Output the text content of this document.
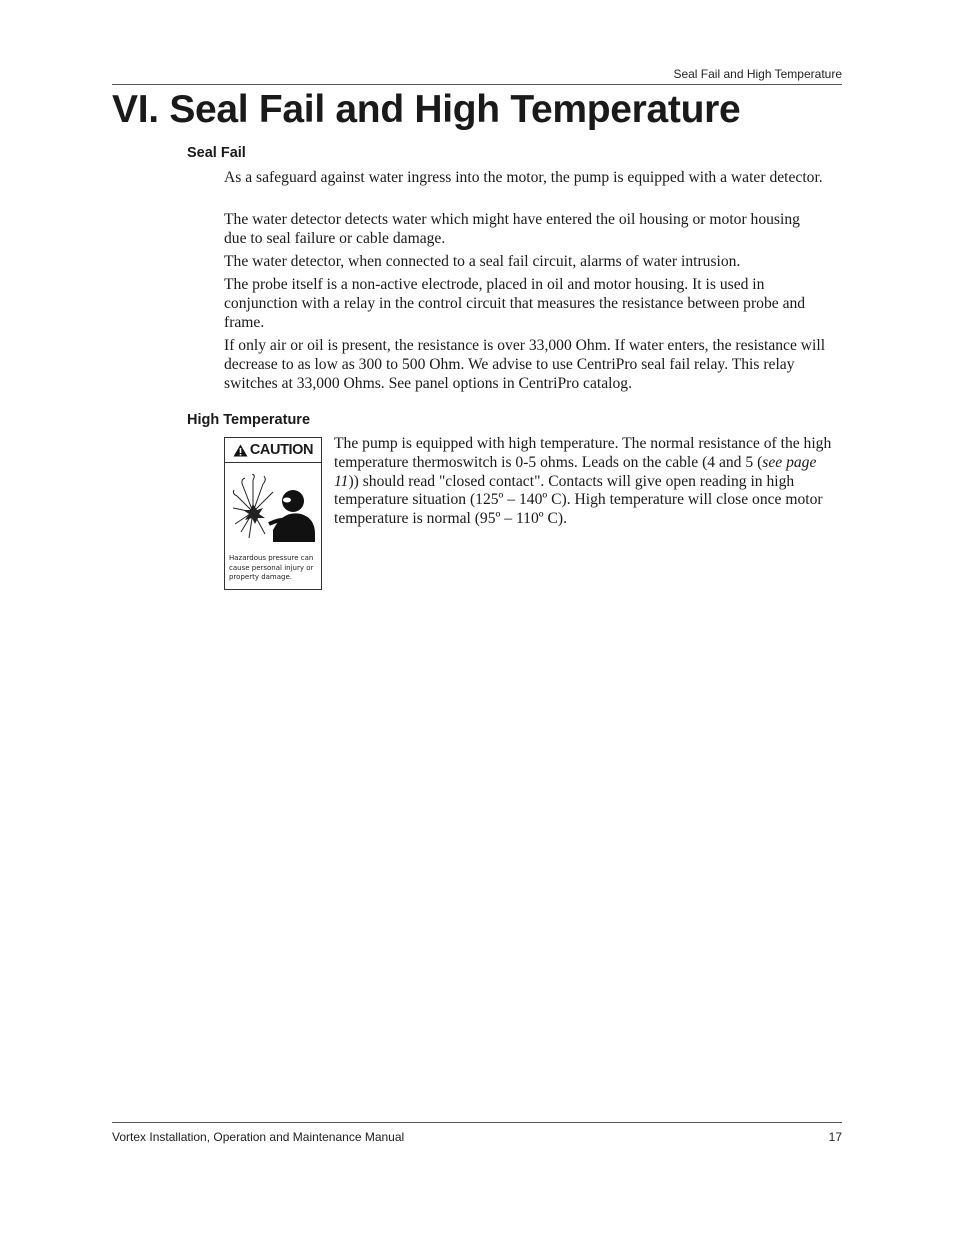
Seal Fail and High Temperature
VI. Seal Fail and High Temperature
Seal Fail

As a safeguard against water ingress into the motor, the pump is equipped with a water detector.

The water detector detects water which might have entered the oil housing or motor housing due to seal failure or cable damage.

The water detector, when connected to a seal fail circuit, alarms of water intrusion.

The probe itself is a non-active electrode, placed in oil and motor housing. It is used in conjunction with a relay in the control circuit that measures the resistance between probe and frame.

If only air or oil is present, the resistance is over 33,000 Ohm. If water enters, the resistance will decrease to as low as 300 to 500 Ohm. We advise to use CentriPro seal fail relay. This relay switches at 33,000 Ohms. See panel options in CentriPro catalog.

High Temperature
CAUTION
Hazardous pressure can cause personal injury or property damage.

The pump is equipped with high temperature. The normal resistance of the high temperature thermoswitch is 0-5 ohms. Leads on the cable (4 and 5 (see page 11)) should read "closed contact". Contacts will give open reading in high temperature situation (125º – 140º C). High temperature will close once motor temperature is normal (95º – 110º C).

Vortex Installation, Operation and Maintenance Manual	17
